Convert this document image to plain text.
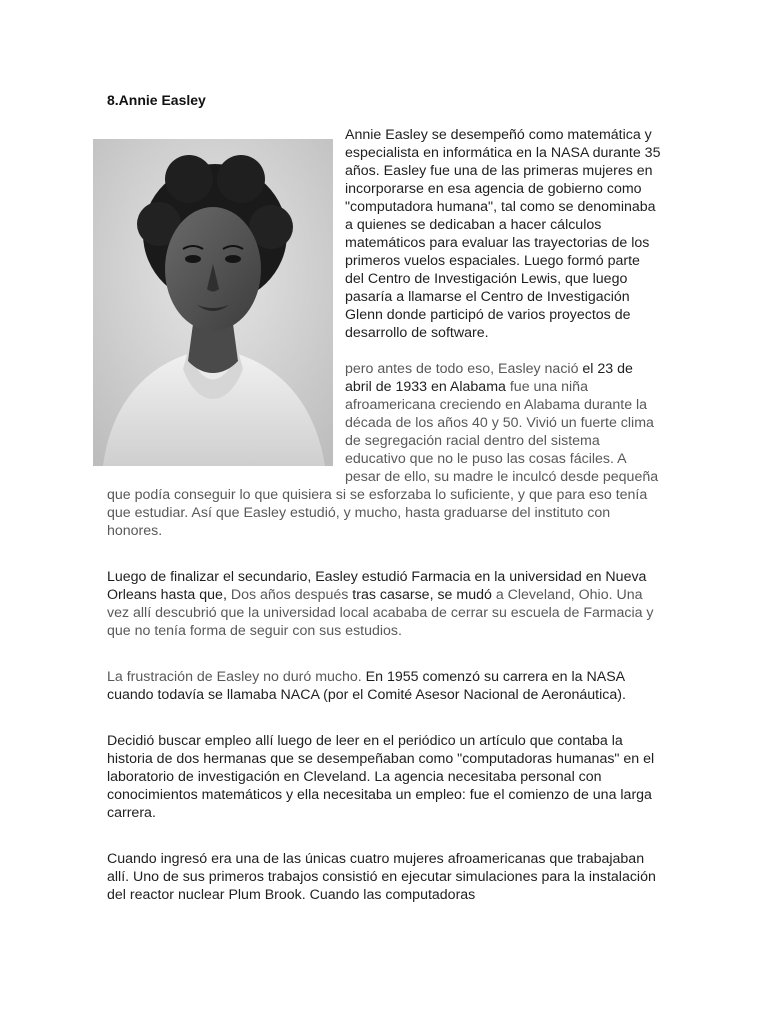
8.Annie Easley

Annie Easley se desempeñó como matemática y especialista en informática en la NASA durante 35 años. Easley fue una de las primeras mujeres en incorporarse en esa agencia de gobierno como "computadora humana", tal como se denominaba a quienes se dedicaban a hacer cálculos matemáticos para evaluar las trayectorias de los primeros vuelos espaciales. Luego formó parte del Centro de Investigación Lewis, que luego pasaría a llamarse el Centro de Investigación Glenn donde participó de varios proyectos de desarrollo de software.

pero antes de todo eso, Easley nació el 23 de abril de 1933 en Alabama fue una niña afroamericana creciendo en Alabama durante la década de los años 40 y 50. Vivió un fuerte clima de segregación racial dentro del sistema educativo que no le puso las cosas fáciles. A pesar de ello, su madre le inculcó desde pequeña que podía conseguir lo que quisiera si se esforzaba lo suficiente, y que para eso tenía que estudiar. Así que Easley estudió, y mucho, hasta graduarse del instituto con honores.

Luego de finalizar el secundario, Easley estudió Farmacia en la universidad en Nueva Orleans hasta que, Dos años después tras casarse, se mudó a Cleveland, Ohio. Una vez allí descubrió que la universidad local acababa de cerrar su escuela de Farmacia y que no tenía forma de seguir con sus estudios.

La frustración de Easley no duró mucho. En 1955 comenzó su carrera en la NASA cuando todavía se llamaba NACA (por el Comité Asesor Nacional de Aeronáutica).

Decidió buscar empleo allí luego de leer en el periódico un artículo que contaba la historia de dos hermanas que se desempeñaban como "computadoras humanas" en el laboratorio de investigación en Cleveland. La agencia necesitaba personal con conocimientos matemáticos y ella necesitaba un empleo: fue el comienzo de una larga carrera.

Cuando ingresó era una de las únicas cuatro mujeres afroamericanas que trabajaban allí. Uno de sus primeros trabajos consistió en ejecutar simulaciones para la instalación del reactor nuclear Plum Brook. Cuando las computadoras
